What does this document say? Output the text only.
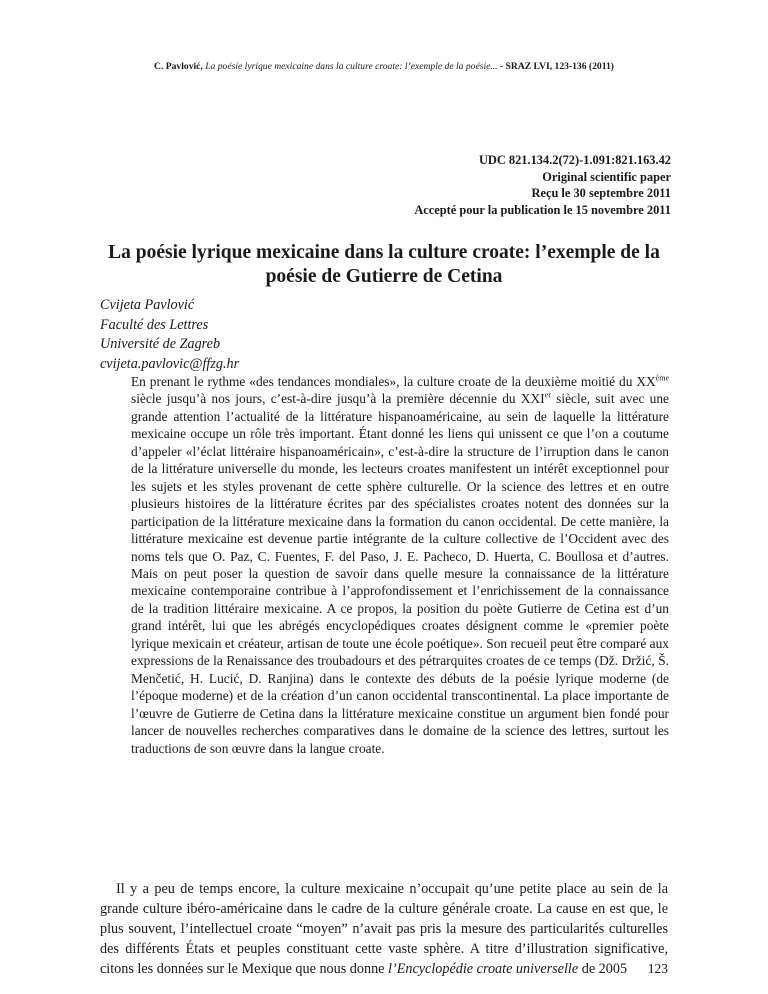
C. Pavlović, La poésie lyrique mexicaine dans la culture croate: l’exemple de la poésie... - SRAZ LVI, 123-136 (2011)
UDC 821.134.2(72)-1.091:821.163.42
Original scientific paper
Reçu le 30 septembre 2011
Accepté pour la publication le 15 novembre 2011
La poésie lyrique mexicaine dans la culture croate: l’exemple de la poésie de Gutierre de Cetina
Cvijeta Pavlović
Faculté des Lettres
Université de Zagreb
cvijeta.pavlovic@ffzg.hr

En prenant le rythme «des tendances mondiales», la culture croate de la deuxième moitié du XXème siècle jusqu’à nos jours, c’est-à-dire jusqu’à la première décennie du XXIer siècle, suit avec une grande attention l’actualité de la littérature hispanoaméricaine, au sein de laquelle la littérature mexicaine occupe un rôle très important. Étant donné les liens qui unissent ce que l’on a coutume d’appeler «l’éclat littéraire hispanoaméricain», c’est-à-dire la structure de l’irruption dans le canon de la littérature universelle du monde, les lecteurs croates manifestent un intérêt exceptionnel pour les sujets et les styles provenant de cette sphère culturelle. Or la science des lettres et en outre plusieurs histoires de la littérature écrites par des spécialistes croates notent des données sur la participation de la littérature mexicaine dans la formation du canon occidental. De cette manière, la littérature mexicaine est devenue partie intégrante de la culture collective de l’Occident avec des noms tels que O. Paz, C. Fuentes, F. del Paso, J. E. Pacheco, D. Huerta, C. Boullosa et d’autres. Mais on peut poser la question de savoir dans quelle mesure la connaissance de la littérature mexicaine contemporaine contribue à l’approfondissement et l’enrichissement de la connaissance de la tradition littéraire mexicaine. A ce propos, la position du poète Gutierre de Cetina est d’un grand intérêt, lui que les abrégés encyclopédiques croates désignent comme le «premier poète lyrique mexicain et créateur, artisan de toute une école poétique». Son recueil peut être comparé aux expressions de la Renaissance des troubadours et des pétrarquites croates de ce temps (Dž. Držić, Š. Menčetić, H. Lucić, D. Ranjina) dans le contexte des débuts de la poésie lyrique moderne (de l’époque moderne) et de la création d’un canon occidental transcontinental. La place importante de l’œuvre de Gutierre de Cetina dans la littérature mexicaine constitue un argument bien fondé pour lancer de nouvelles recherches comparatives dans le domaine de la science des lettres, surtout les traductions de son œuvre dans la langue croate.

Il y a peu de temps encore, la culture mexicaine n’occupait qu’une petite place au sein de la grande culture ibéro-américaine dans le cadre de la culture générale croate. La cause en est que, le plus souvent, l’intellectuel croate “moyen” n’avait pas pris la mesure des particularités culturelles des différents États et peuples constituant cette vaste sphère. A titre d’illustration significative, citons les données sur le Mexique que nous donne l’Encyclopédie croate universelle de 2005	123
